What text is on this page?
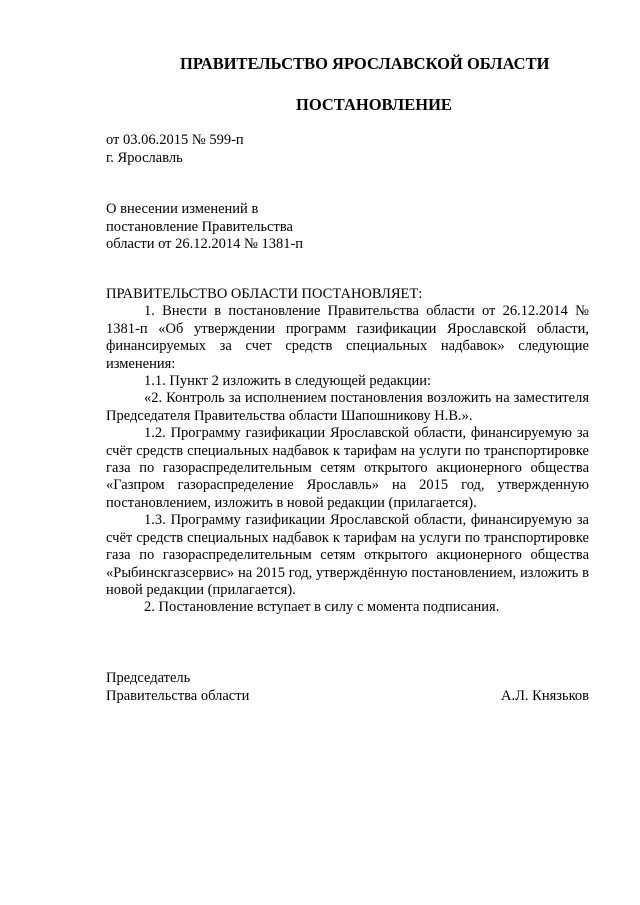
ПРАВИТЕЛЬСТВО ЯРОСЛАВСКОЙ ОБЛАСТИ
ПОСТАНОВЛЕНИЕ
от 03.06.2015 № 599-п
г. Ярославль
О внесении изменений в
постановление Правительства
области от 26.12.2014 № 1381-п

ПРАВИТЕЛЬСТВО ОБЛАСТИ ПОСТАНОВЛЯЕТ:

1. Внести в постановление Правительства области от 26.12.2014 № 1381-п «Об утверждении программ газификации Ярославской области, финансируемых за счет средств специальных надбавок» следующие изменения:

1.1. Пункт 2 изложить в следующей редакции:

«2. Контроль за исполнением постановления возложить на заместителя Председателя Правительства области Шапошникову Н.В.».

1.2. Программу газификации Ярославской области, финансируемую за счёт средств специальных надбавок к тарифам на услуги по транспортировке газа по газораспределительным сетям открытого акционерного общества «Газпром газораспределение Ярославль» на 2015 год, утвержденную постановлением, изложить в новой редакции (прилагается).

1.3. Программу газификации Ярославской области, финансируемую за счёт средств специальных надбавок к тарифам на услуги по транспортировке газа по газораспределительным сетям открытого акционерного общества «Рыбинскгазсервис» на 2015 год, утверждённую постановлением, изложить в новой редакции (прилагается).

2. Постановление вступает в силу с момента подписания.

Председатель
Правительства области	А.Л. Князьков
